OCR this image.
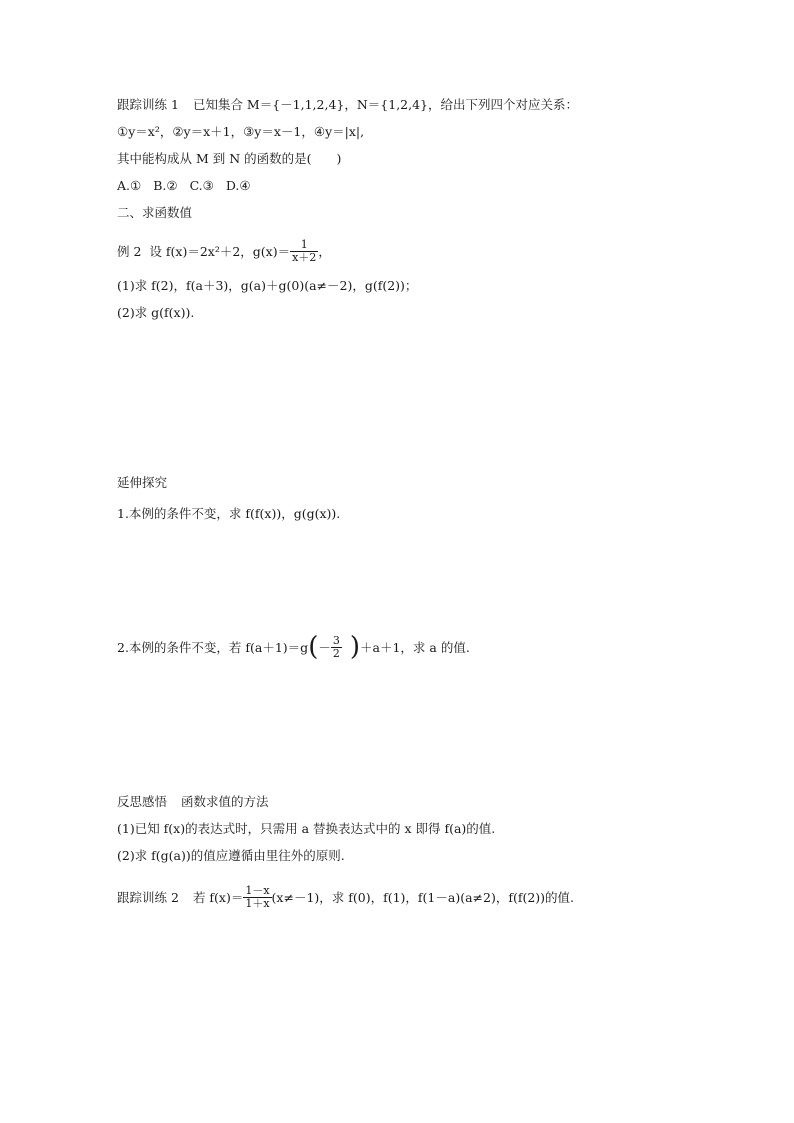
跟踪训练 1 已知集合 M＝{－1,1,2,4}，N＝{1,2,4}，给出下列四个对应关系：
①y＝x²，②y＝x＋1，③y＝x－1，④y＝|x|,
其中能构成从 M 到 N 的函数的是(　　)
A.① B.② C.③ D.④
二、求函数值
例 2 设 f(x)＝2x²＋2，$g(x)= \frac{1}{x+2}$ ，
(1)求 f(2)，f(a＋3)，g(a)＋g(0)(a≠－2)，g(f(2))；
(2)求 g(f(x)).
延伸探究
1.本例的条件不变，求 f(f(x))，g(g(x)).
2.本例的条件不变，若 $f(a+1)=g(- \frac{3}{2} )+a+1$，求 a 的值.
反思感悟 函数求值的方法
(1)已知 f(x)的表达式时，只需用 a 替换表达式中的 x 即得 f(a)的值.
(2)求 f(g(a))的值应遵循由里往外的原则.
跟踪训练 2 若 $f(x)= \frac{1-x}{1+x} (x\ne-1)$，求 f(0)，f(1)，f(1－a)(a≠2)，f(f(2))的值.
